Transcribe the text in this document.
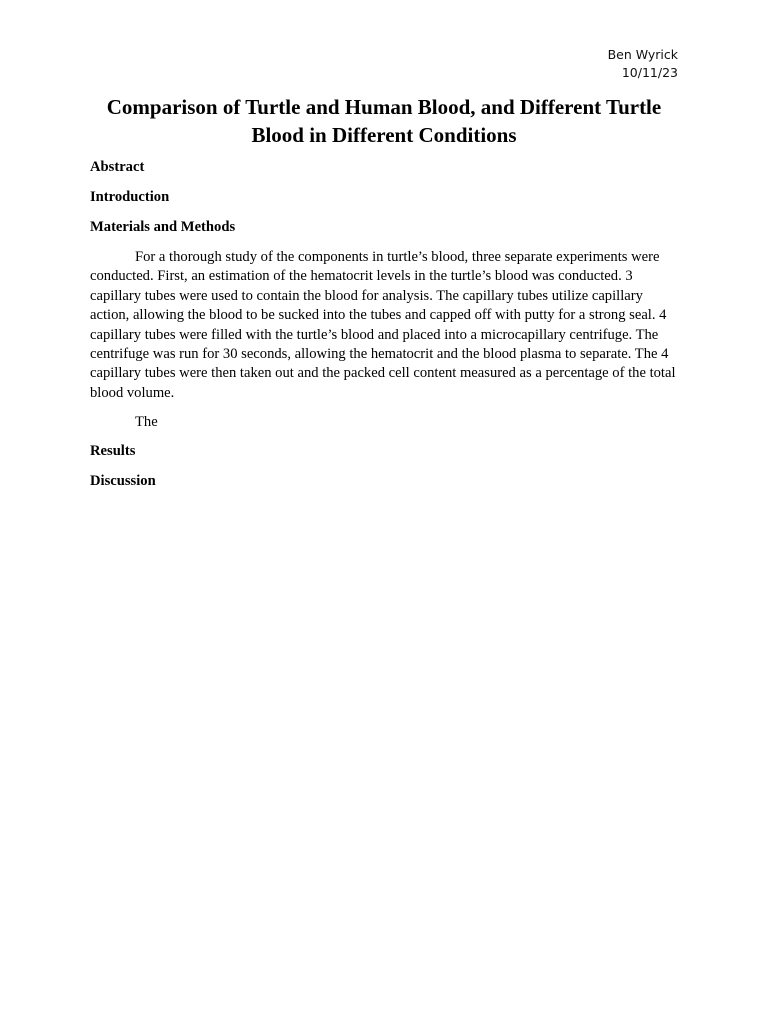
Ben Wyrick
10/11/23
Comparison of Turtle and Human Blood, and Different Turtle Blood in Different Conditions

Abstract

Introduction

Materials and Methods

For a thorough study of the components in turtle’s blood, three separate experiments were conducted. First, an estimation of the hematocrit levels in the turtle’s blood was conducted. 3 capillary tubes were used to contain the blood for analysis. The capillary tubes utilize capillary action, allowing the blood to be sucked into the tubes and capped off with putty for a strong seal. 4 capillary tubes were filled with the turtle’s blood and placed into a microcapillary centrifuge. The centrifuge was run for 30 seconds, allowing the hematocrit and the blood plasma to separate. The 4 capillary tubes were then taken out and the packed cell content measured as a percentage of the total blood volume.

The

Results

Discussion
